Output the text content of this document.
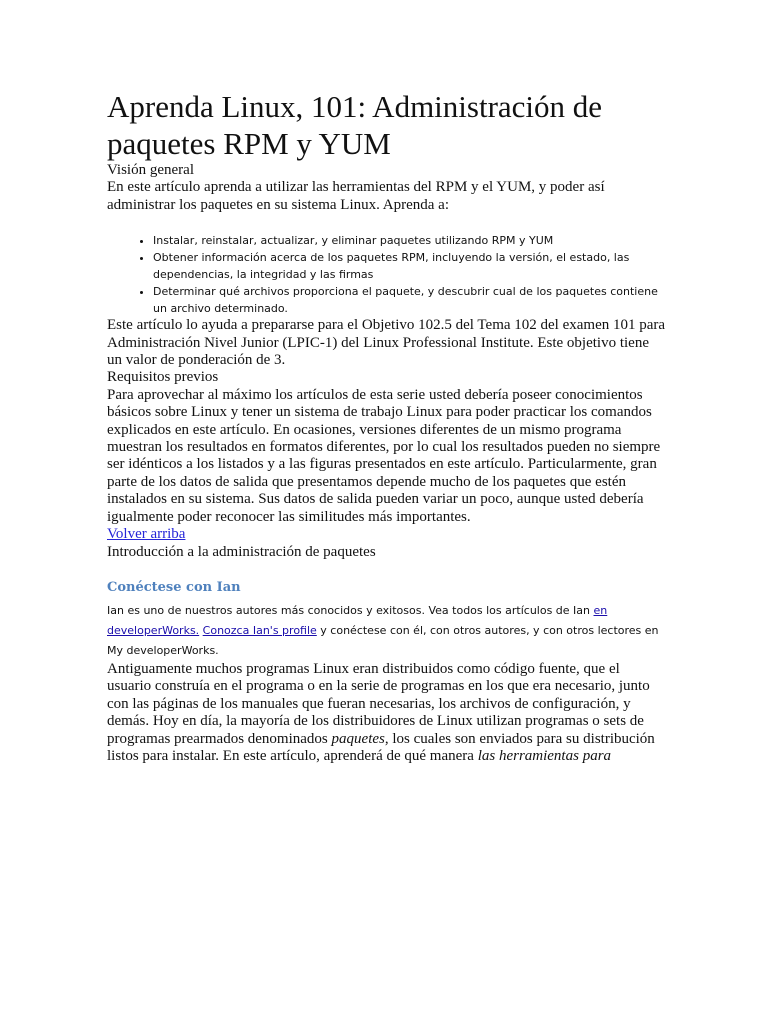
Aprenda Linux, 101: Administración de paquetes RPM y YUM

Visión general

En este artículo aprenda a utilizar las herramientas del RPM y el YUM, y poder así administrar los paquetes en su sistema Linux. Aprenda a:

• Instalar, reinstalar, actualizar, y eliminar paquetes utilizando RPM y YUM
• Obtener información acerca de los paquetes RPM, incluyendo la versión, el estado, las dependencias, la integridad y las firmas
• Determinar qué archivos proporciona el paquete, y descubrir cual de los paquetes contiene un archivo determinado.

Este artículo lo ayuda a prepararse para el Objetivo 102.5 del Tema 102 del examen 101 para Administración Nivel Junior (LPIC-1) del Linux Professional Institute. Este objetivo tiene un valor de ponderación de 3.

Requisitos previos

Para aprovechar al máximo los artículos de esta serie usted debería poseer conocimientos básicos sobre Linux y tener un sistema de trabajo Linux para poder practicar los comandos explicados en este artículo. En ocasiones, versiones diferentes de un mismo programa muestran los resultados en formatos diferentes, por lo cual los resultados pueden no siempre ser idénticos a los listados y a las figuras presentados en este artículo. Particularmente, gran parte de los datos de salida que presentamos depende mucho de los paquetes que estén instalados en su sistema. Sus datos de salida pueden variar un poco, aunque usted debería igualmente poder reconocer las similitudes más importantes.

Volver arriba

Introducción a la administración de paquetes

Conéctese con Ian

Ian es uno de nuestros autores más conocidos y exitosos. Vea todos los artículos de Ian en developerWorks. Conozca Ian's profile y conéctese con él, con otros autores, y con otros lectores en My developerWorks.

Antiguamente muchos programas Linux eran distribuidos como código fuente, que el usuario construía en el programa o en la serie de programas en los que era necesario, junto con las páginas de los manuales que fueran necesarias, los archivos de configuración, y demás. Hoy en día, la mayoría de los distribuidores de Linux utilizan programas o sets de programas prearmados denominados paquetes, los cuales son enviados para su distribución listos para instalar. En este artículo, aprenderá de qué manera las herramientas para
